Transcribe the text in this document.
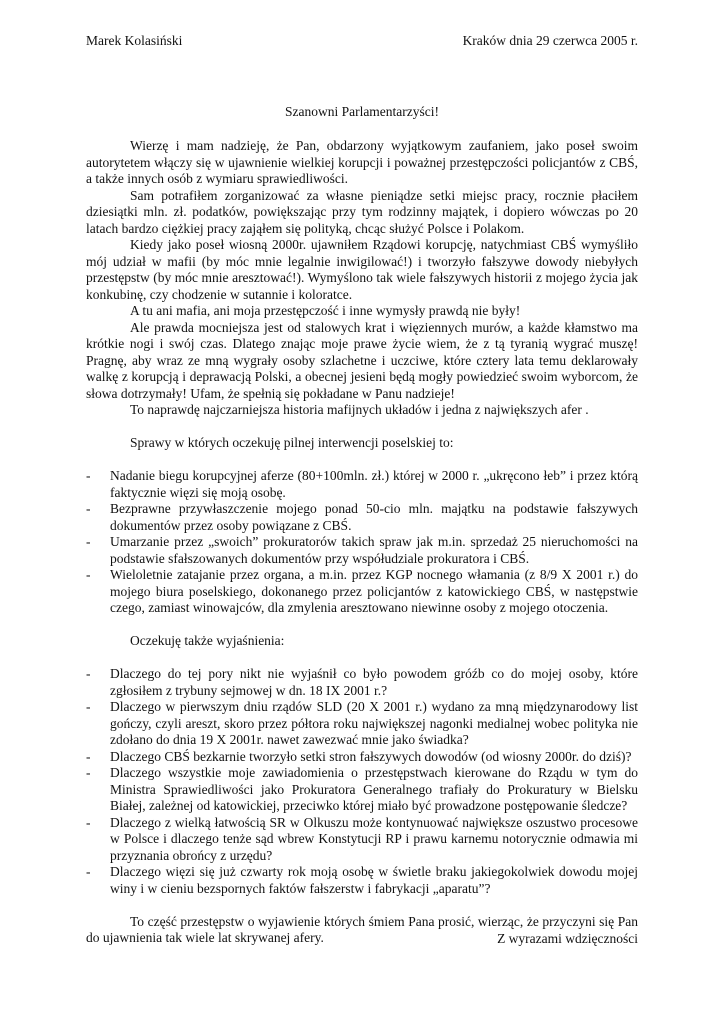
Marek Kolasiński	Kraków dnia 29 czerwca 2005 r.
Szanowni Parlamentarzyści!

Wierzę i mam nadzieję, że Pan, obdarzony wyjątkowym zaufaniem, jako poseł swoim autorytetem włączy się w ujawnienie wielkiej korupcji i poważnej przestępczości policjantów z CBŚ, a także innych osób z wymiaru sprawiedliwości.

Sam potrafiłem zorganizować za własne pieniądze setki miejsc pracy, rocznie płaciłem dziesiątki mln. zł. podatków, powiększając przy tym rodzinny majątek, i dopiero wówczas po 20 latach bardzo ciężkiej pracy zająłem się polityką, chcąc służyć Polsce i Polakom.

Kiedy jako poseł wiosną 2000r. ujawniłem Rządowi korupcję, natychmiast CBŚ wymyśliło mój udział w mafii (by móc mnie legalnie inwigilować!) i tworzyło fałszywe dowody niebyłych przestępstw (by móc mnie aresztować!). Wymyślono tak wiele fałszywych historii z mojego życia jak konkubinę, czy chodzenie w sutannie i koloratce.

A tu ani mafia, ani moja przestępczość i inne wymysły prawdą nie były!

Ale prawda mocniejsza jest od stalowych krat i więziennych murów, a każde kłamstwo ma krótkie nogi i swój czas. Dlatego znając moje prawe życie wiem, że z tą tyranią wygrać muszę! Pragnę, aby wraz ze mną wygrały osoby szlachetne i uczciwe, które cztery lata temu deklarowały walkę z korupcją i deprawacją Polski, a obecnej jesieni będą mogły powiedzieć swoim wyborcom, że słowa dotrzymały! Ufam, że spełnią się pokładane w Panu nadzieje!

To naprawdę najczarniejsza historia mafijnych układów i jedna z największych afer .

Sprawy w których oczekuję pilnej interwencji poselskiej to:

- Nadanie biegu korupcyjnej aferze (80+100mln. zł.) której w 2000 r. „ukręcono łeb” i przez którą faktycznie więzi się moją osobę.
- Bezprawne przywłaszczenie mojego ponad 50-cio mln. majątku na podstawie fałszywych dokumentów przez osoby powiązane z CBŚ.
- Umarzanie przez „swoich” prokuratorów takich spraw jak m.in. sprzedaż 25 nieruchomości na podstawie sfałszowanych dokumentów przy współudziale prokuratora i CBŚ.
- Wieloletnie zatajanie przez organa, a m.in. przez KGP nocnego włamania (z 8/9 X 2001 r.) do mojego biura poselskiego, dokonanego przez policjantów z katowickiego CBŚ, w następstwie czego, zamiast winowajców, dla zmylenia aresztowano niewinne osoby z mojego otoczenia.

Oczekuję także wyjaśnienia:

- Dlaczego do tej pory nikt nie wyjaśnił co było powodem gróźb co do mojej osoby, które zgłosiłem z trybuny sejmowej w dn. 18 IX 2001 r.?
- Dlaczego w pierwszym dniu rządów SLD (20 X 2001 r.) wydano za mną międzynarodowy list gończy, czyli areszt, skoro przez półtora roku największej nagonki medialnej wobec polityka nie zdołano do dnia 19 X 2001r. nawet zawezwać mnie jako świadka?
- Dlaczego CBŚ bezkarnie tworzyło setki stron fałszywych dowodów (od wiosny 2000r. do dziś)?
- Dlaczego wszystkie moje zawiadomienia o przestępstwach kierowane do Rządu w tym do Ministra Sprawiedliwości jako Prokuratora Generalnego trafiały do Prokuratury w Bielsku Białej, zależnej od katowickiej, przeciwko której miało być prowadzone postępowanie śledcze?
- Dlaczego z wielką łatwością SR w Olkuszu może kontynuować największe oszustwo procesowe w Polsce i dlaczego tenże sąd wbrew Konstytucji RP i prawu karnemu notorycznie odmawia mi przyznania obrońcy z urzędu?
- Dlaczego więzi się już czwarty rok moją osobę w świetle braku jakiegokolwiek dowodu mojej winy i w cieniu bezspornych faktów fałszerstw i fabrykacji „aparatu”?

To część przestępstw o wyjawienie których śmiem Pana prosić, wierząc, że przyczyni się Pan do ujawnienia tak wiele lat skrywanej afery.	Z wyrazami wdzięczności
